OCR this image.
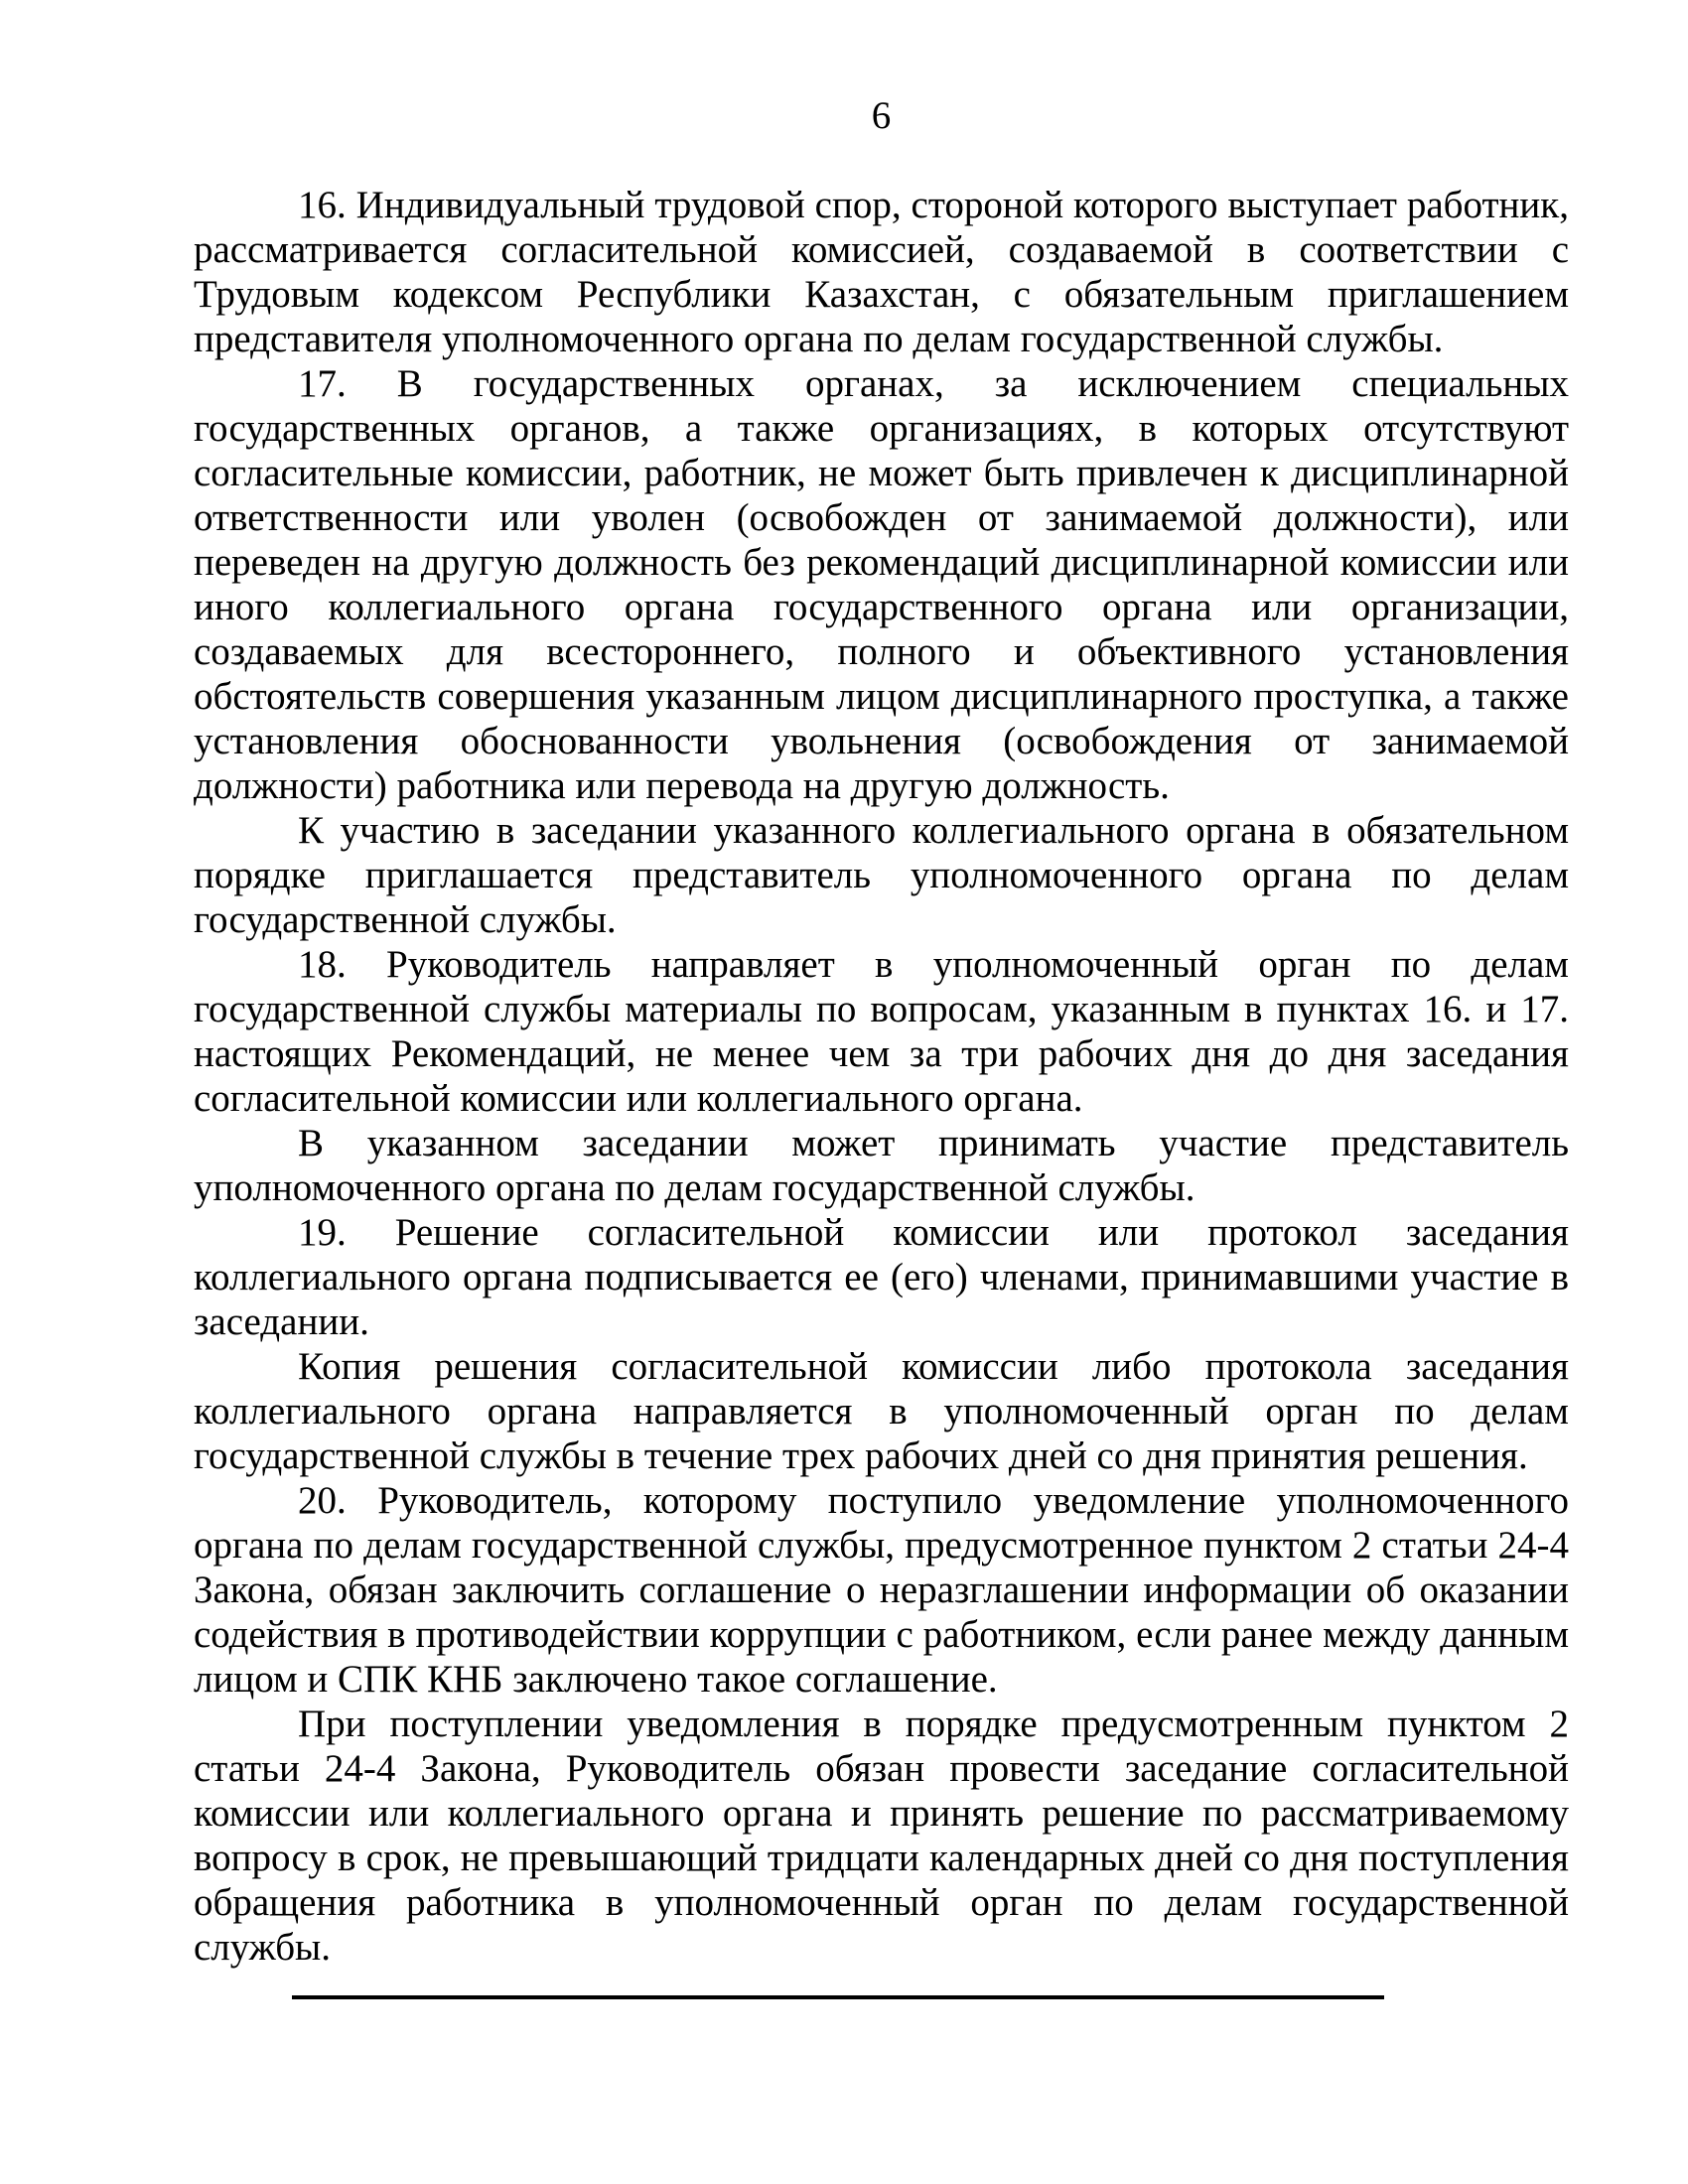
6

16. Индивидуальный трудовой спор, стороной которого выступает работник, рассматривается согласительной комиссией, создаваемой в соответствии с Трудовым кодексом Республики Казахстан, с обязательным приглашением представителя уполномоченного органа по делам государственной службы.

17. В государственных органах, за исключением специальных государственных органов, а также организациях, в которых отсутствуют согласительные комиссии, работник, не может быть привлечен к дисциплинарной ответственности или уволен (освобожден от занимаемой должности), или переведен на другую должность без рекомендаций дисциплинарной комиссии или иного коллегиального органа государственного органа или организации, создаваемых для всестороннего, полного и объективного установления обстоятельств совершения указанным лицом дисциплинарного проступка, а также установления обоснованности увольнения (освобождения от занимаемой должности) работника или перевода на другую должность.

К участию в заседании указанного коллегиального органа в обязательном порядке приглашается представитель уполномоченного органа по делам государственной службы.

18. Руководитель направляет в уполномоченный орган по делам государственной службы материалы по вопросам, указанным в пунктах 16. и 17. настоящих Рекомендаций, не менее чем за три рабочих дня до дня заседания согласительной комиссии или коллегиального органа.

В указанном заседании может принимать участие представитель уполномоченного органа по делам государственной службы.

19. Решение согласительной комиссии или протокол заседания коллегиального органа подписывается ее (его) членами, принимавшими участие в заседании.

Копия решения согласительной комиссии либо протокола заседания коллегиального органа направляется в уполномоченный орган по делам государственной службы в течение трех рабочих дней со дня принятия решения.

20. Руководитель, которому поступило уведомление уполномоченного органа по делам государственной службы, предусмотренное пунктом 2 статьи 24-4 Закона, обязан заключить соглашение о неразглашении информации об оказании содействия в противодействии коррупции с работником, если ранее между данным лицом и СПК КНБ заключено такое соглашение.

При поступлении уведомления в порядке предусмотренным пунктом 2 статьи 24-4 Закона, Руководитель обязан провести заседание согласительной комиссии или коллегиального органа и принять решение по рассматриваемому вопросу в срок, не превышающий тридцати календарных дней со дня поступления обращения работника в уполномоченный орган по делам государственной службы.
